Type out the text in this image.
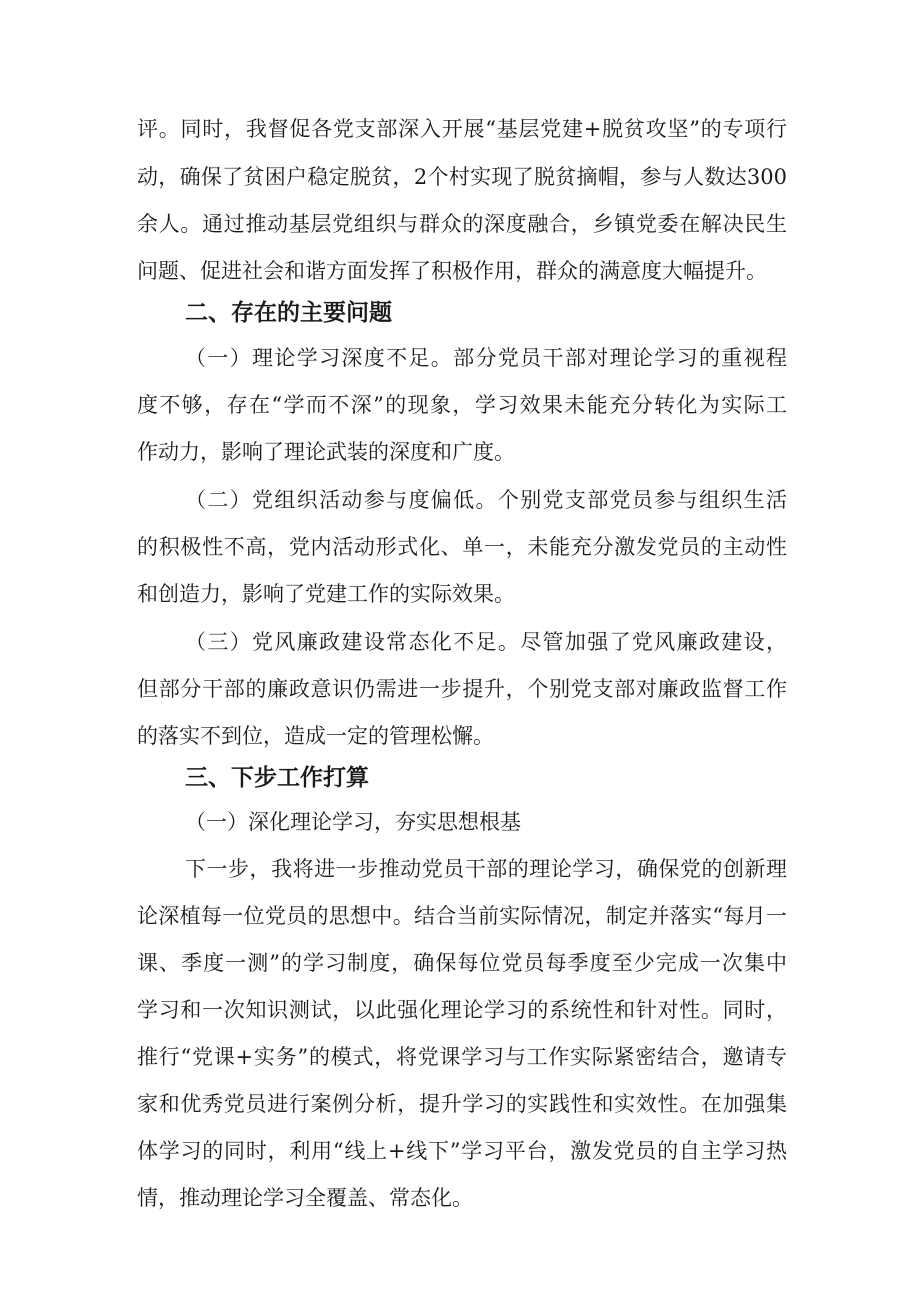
评。同时，我督促各党支部深入开展“基层党建+脱贫攻坚”的专项行
动，确保了贫困户稳定脱贫，2个村实现了脱贫摘帽，参与人数达300
余人。通过推动基层党组织与群众的深度融合，乡镇党委在解决民生
问题、促进社会和谐方面发挥了积极作用，群众的满意度大幅提升。
二、存在的主要问题
（一）理论学习深度不足。部分党员干部对理论学习的重视程
度不够，存在“学而不深”的现象，学习效果未能充分转化为实际工
作动力，影响了理论武装的深度和广度。
（二）党组织活动参与度偏低。个别党支部党员参与组织生活
的积极性不高，党内活动形式化、单一，未能充分激发党员的主动性
和创造力，影响了党建工作的实际效果。
（三）党风廉政建设常态化不足。尽管加强了党风廉政建设，
但部分干部的廉政意识仍需进一步提升，个别党支部对廉政监督工作
的落实不到位，造成一定的管理松懈。
三、下步工作打算
（一）深化理论学习，夯实思想根基
下一步，我将进一步推动党员干部的理论学习，确保党的创新理
论深植每一位党员的思想中。结合当前实际情况，制定并落实“每月一
课、季度一测”的学习制度，确保每位党员每季度至少完成一次集中
学习和一次知识测试，以此强化理论学习的系统性和针对性。同时，
推行“党课+实务”的模式，将党课学习与工作实际紧密结合，邀请专
家和优秀党员进行案例分析，提升学习的实践性和实效性。在加强集
体学习的同时，利用“线上+线下”学习平台，激发党员的自主学习热
情，推动理论学习全覆盖、常态化。
